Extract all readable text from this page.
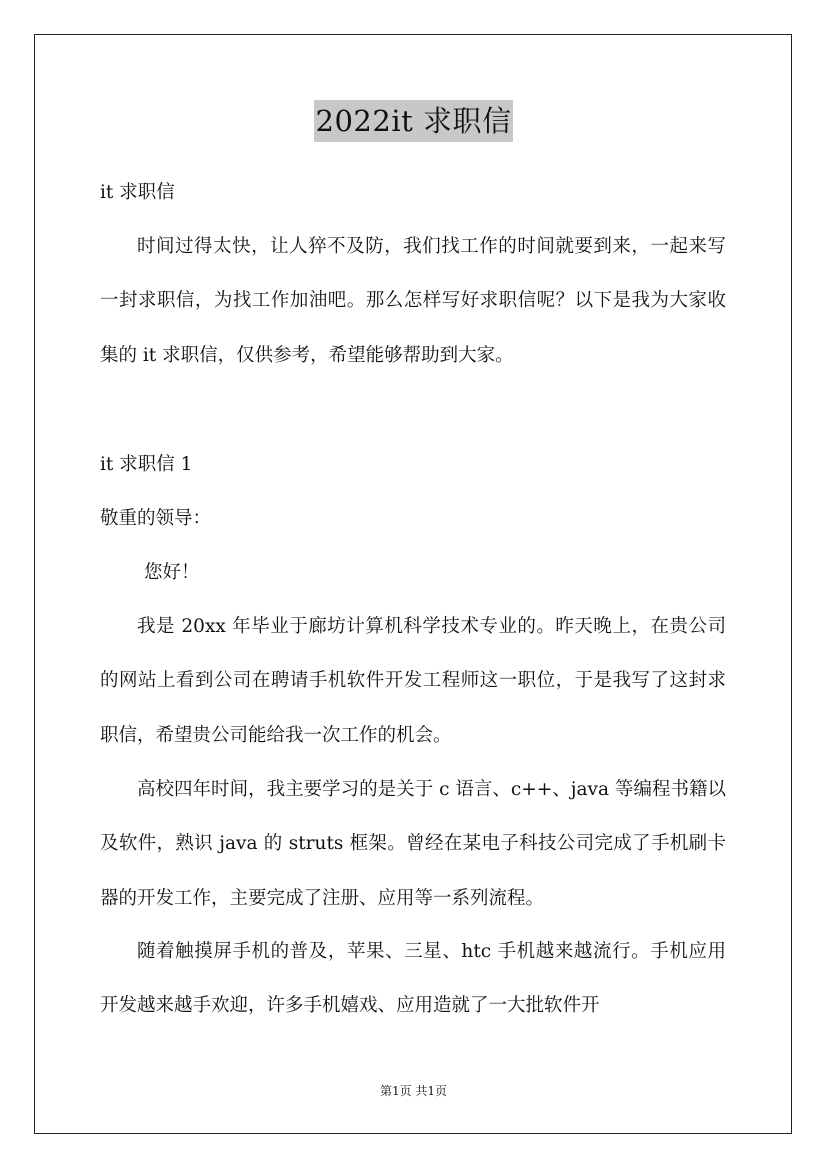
2022it 求职信
it 求职信

时间过得太快，让人猝不及防，我们找工作的时间就要到来，一起来写一封求职信，为找工作加油吧。那么怎样写好求职信呢？以下是我为大家收集的 it 求职信，仅供参考，希望能够帮助到大家。

it 求职信 1
敬重的领导：
您好！

我是 20xx 年毕业于廊坊计算机科学技术专业的。昨天晚上，在贵公司的网站上看到公司在聘请手机软件开发工程师这一职位，于是我写了这封求职信，希望贵公司能给我一次工作的机会。

高校四年时间，我主要学习的是关于 c 语言、c++、java 等编程书籍以及软件，熟识 java 的 struts 框架。曾经在某电子科技公司完成了手机刷卡器的开发工作，主要完成了注册、应用等一系列流程。

随着触摸屏手机的普及，苹果、三星、htc 手机越来越流行。手机应用开发越来越手欢迎，许多手机嬉戏、应用造就了一大批软件开

第1页 共1页
